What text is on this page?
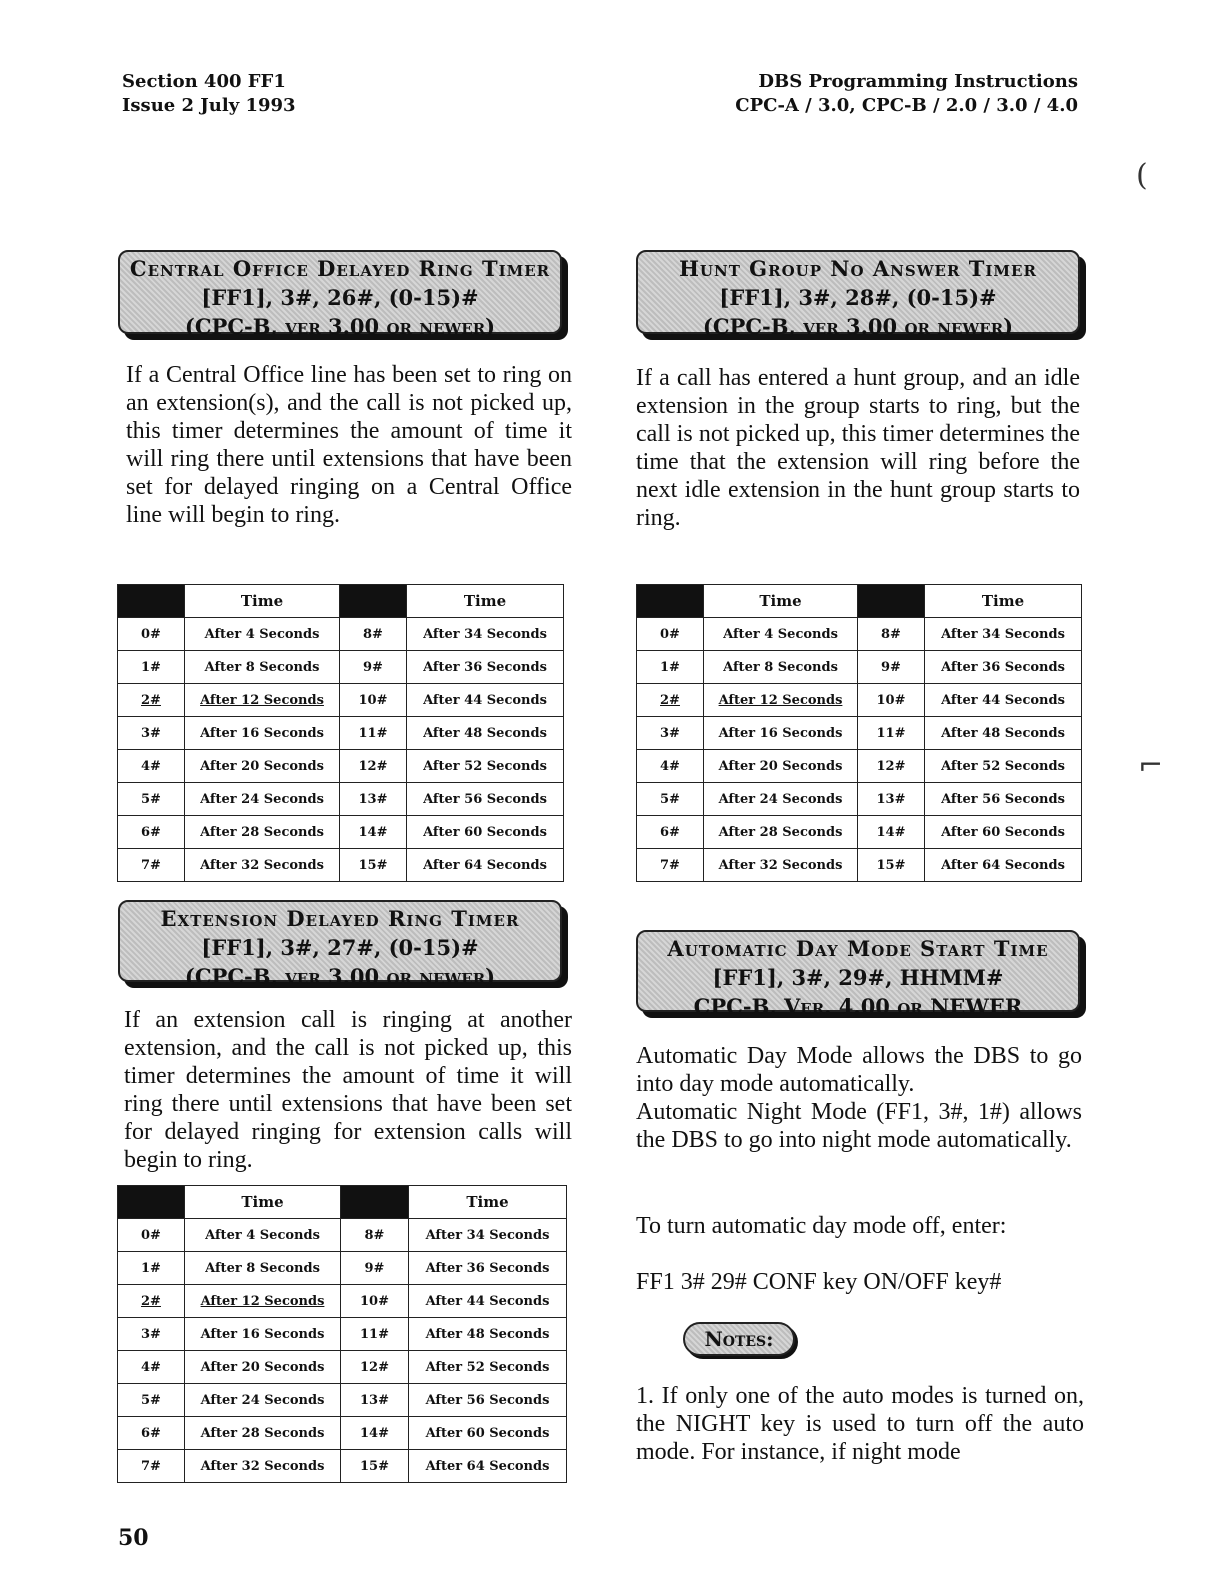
Section 400 FF1
Issue 2 July 1993
DBS Programming Instructions
CPC-A / 3.0, CPC-B / 2.0 / 3.0 / 4.0
(
⌐
Central Office Delayed Ring Timer
[FF1], 3#, 26#, (0-15)#
(CPC-B, ver 3.00 or newer)

If a Central Office line has been set to ring on an extension(s), and the call is not picked up, this timer determines the amount of time it will ring there until extensions that have been set for delayed ringing on a Central Office line will begin to ring.

	Time		Time
0#	After 4 Seconds	8#	After 34 Seconds
1#	After 8 Seconds	9#	After 36 Seconds
2#	After 12 Seconds	10#	After 44 Seconds
3#	After 16 Seconds	11#	After 48 Seconds
4#	After 20 Seconds	12#	After 52 Seconds
5#	After 24 Seconds	13#	After 56 Seconds
6#	After 28 Seconds	14#	After 60 Seconds
7#	After 32 Seconds	15#	After 64 Seconds
Hunt Group No Answer Timer
[FF1], 3#, 28#, (0-15)#
(CPC-B, ver 3.00 or newer)

If a call has entered a hunt group, and an idle extension in the group starts to ring, but the call is not picked up, this timer determines the time that the extension will ring before the next idle extension in the hunt group starts to ring.

	Time		Time
0#	After 4 Seconds	8#	After 34 Seconds
1#	After 8 Seconds	9#	After 36 Seconds
2#	After 12 Seconds	10#	After 44 Seconds
3#	After 16 Seconds	11#	After 48 Seconds
4#	After 20 Seconds	12#	After 52 Seconds
5#	After 24 Seconds	13#	After 56 Seconds
6#	After 28 Seconds	14#	After 60 Seconds
7#	After 32 Seconds	15#	After 64 Seconds
Extension Delayed Ring Timer
[FF1], 3#, 27#, (0-15)#
(CPC-B, ver 3.00 or newer)

If an extension call is ringing at another extension, and the call is not picked up, this timer determines the amount of time it will ring there until extensions that have been set for delayed ringing for extension calls will begin to ring.

	Time		Time
0#	After 4 Seconds	8#	After 34 Seconds
1#	After 8 Seconds	9#	After 36 Seconds
2#	After 12 Seconds	10#	After 44 Seconds
3#	After 16 Seconds	11#	After 48 Seconds
4#	After 20 Seconds	12#	After 52 Seconds
5#	After 24 Seconds	13#	After 56 Seconds
6#	After 28 Seconds	14#	After 60 Seconds
7#	After 32 Seconds	15#	After 64 Seconds
Automatic Day Mode Start Time
[FF1], 3#, 29#, HHMM#
CPC-B, Ver. 4.00 or NEWER

Automatic Day Mode allows the DBS to go into day mode automatically.

Automatic Night Mode (FF1, 3#, 1#) allows the DBS to go into night mode automatically.

To turn automatic day mode off, enter:

FF1 3# 29# CONF key ON/OFF key#

Notes:

1. If only one of the auto modes is turned on, the NIGHT key is used to turn off the auto mode. For instance, if night mode

50
